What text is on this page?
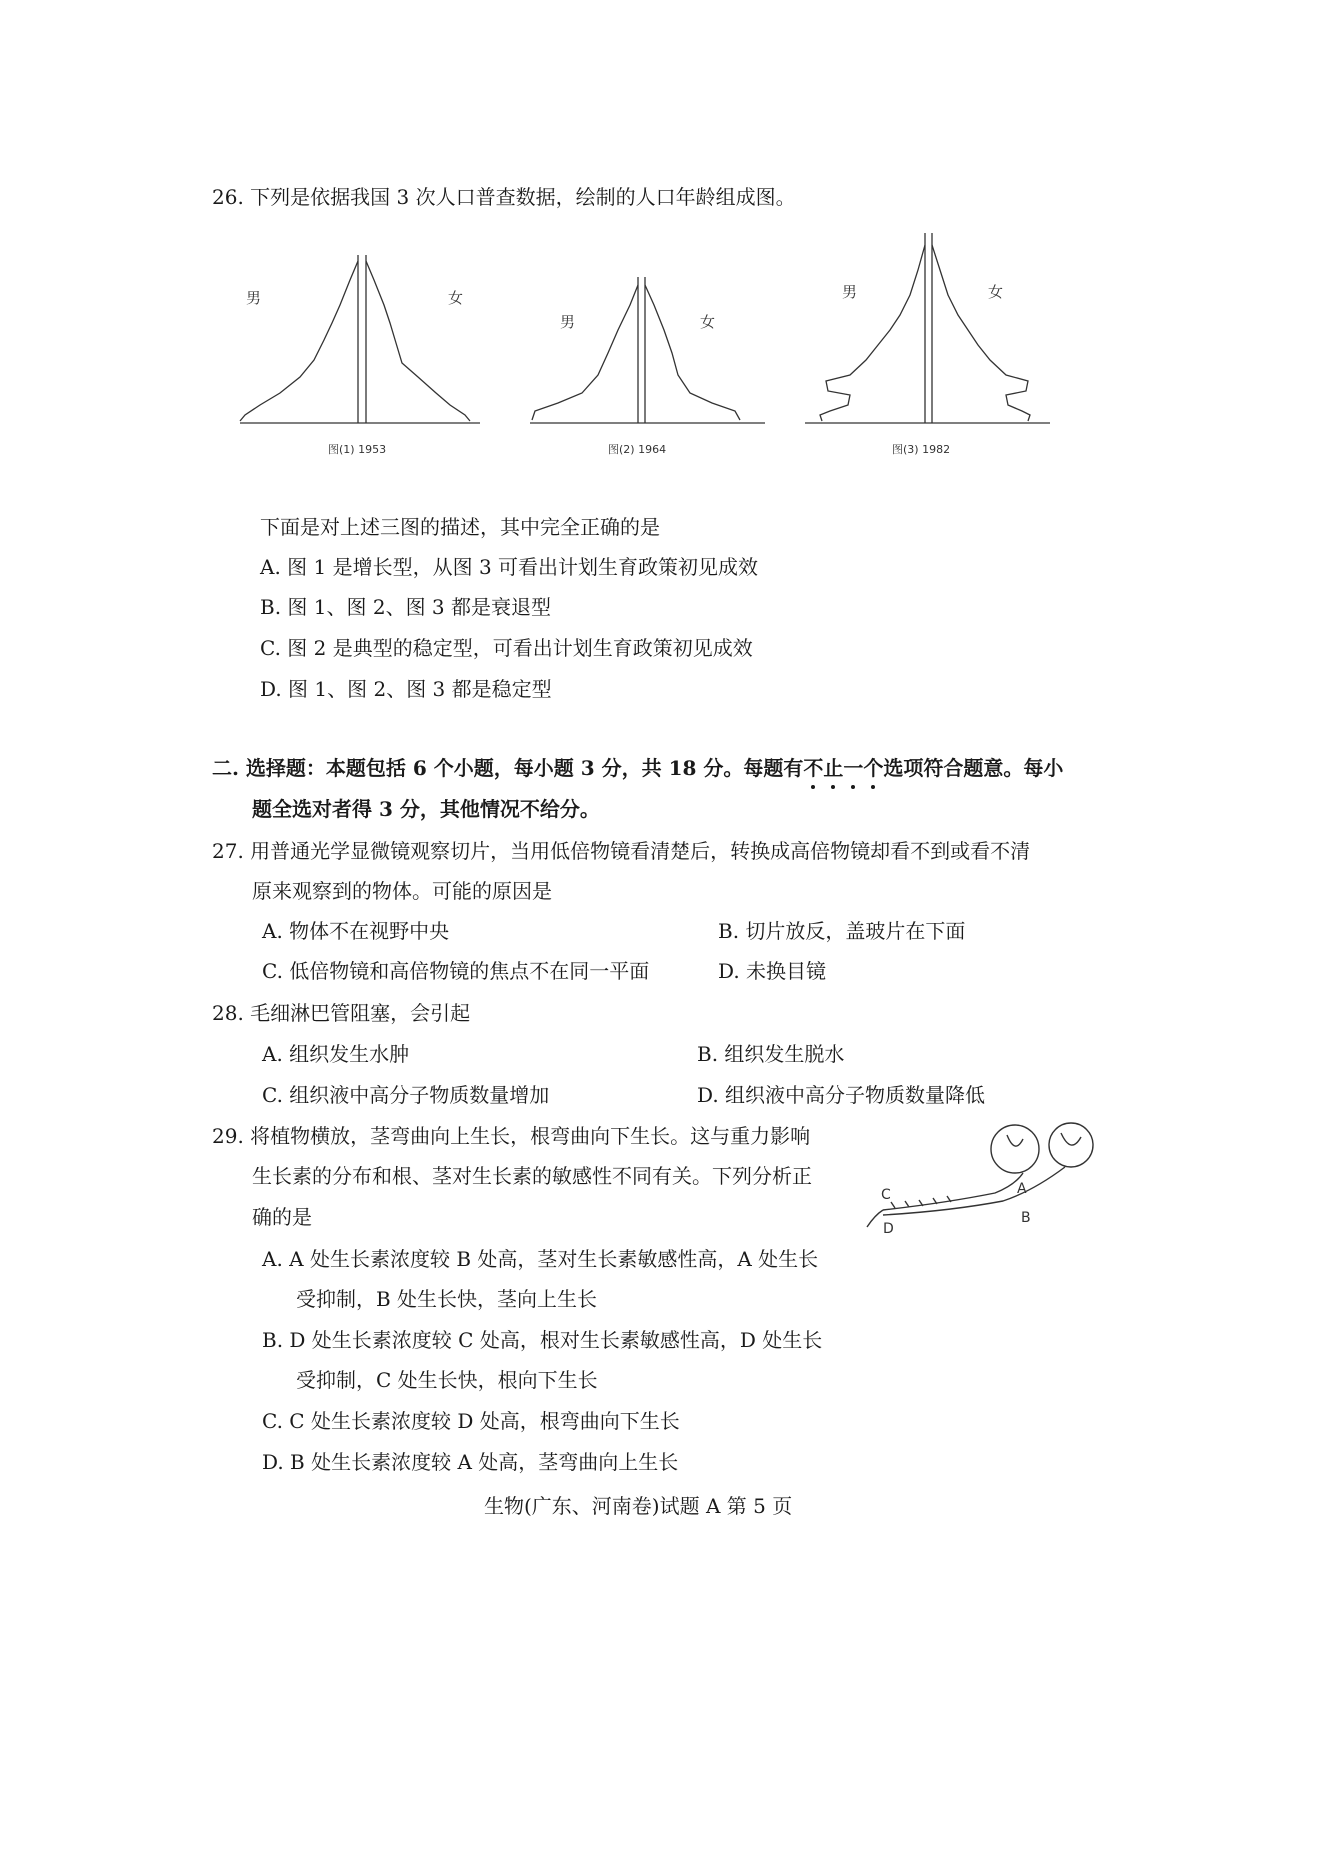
26. 下列是依据我国 3 次人口普查数据，绘制的人口年龄组成图。
男	女
图(1) 1953
男	女
图(2) 1964
男	女
图(3) 1982
下面是对上述三图的描述，其中完全正确的是
A. 图 1 是增长型，从图 3 可看出计划生育政策初见成效
B. 图 1、图 2、图 3 都是衰退型
C. 图 2 是典型的稳定型，可看出计划生育政策初见成效
D. 图 1、图 2、图 3 都是稳定型
二. 选择题：本题包括 6 个小题，每小题 3 分，共 18 分。每题有不止一个选项符合题意。每小
题全选对者得 3 分，其他情况不给分。
27. 用普通光学显微镜观察切片，当用低倍物镜看清楚后，转换成高倍物镜却看不到或看不清
原来观察到的物体。可能的原因是
A. 物体不在视野中央	B. 切片放反，盖玻片在下面
C. 低倍物镜和高倍物镜的焦点不在同一平面	D. 未换目镜
28. 毛细淋巴管阻塞，会引起
A. 组织发生水肿	B. 组织发生脱水
C. 组织液中高分子物质数量增加	D. 组织液中高分子物质数量降低
29. 将植物横放，茎弯曲向上生长，根弯曲向下生长。这与重力影响
生长素的分布和根、茎对生长素的敏感性不同有关。下列分析正
确的是
C
D
A
B
A. A 处生长素浓度较 B 处高，茎对生长素敏感性高，A 处生长
受抑制，B 处生长快，茎向上生长
B. D 处生长素浓度较 C 处高，根对生长素敏感性高，D 处生长
受抑制，C 处生长快，根向下生长
C. C 处生长素浓度较 D 处高，根弯曲向下生长
D. B 处生长素浓度较 A 处高，茎弯曲向上生长
生物(广东、河南卷)试题 A 第 5 页
